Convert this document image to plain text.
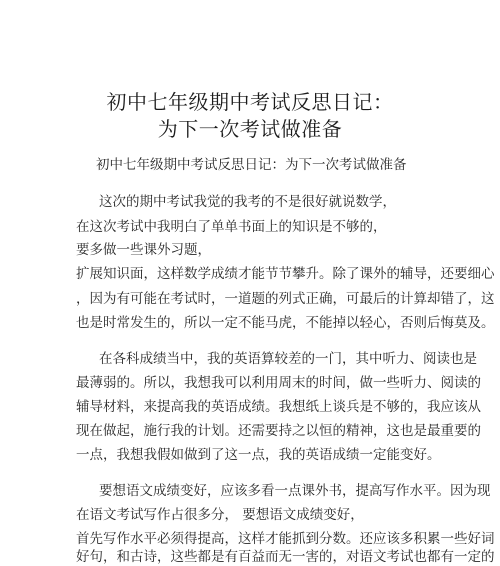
初中七年级期中考试反思日记：
为下一次考试做准备
初中七年级期中考试反思日记：为下一次考试做准备
这次的期中考试我觉的我考的不是很好就说数学，
在这次考试中我明白了单单书面上的知识是不够的，
要多做一些课外习题，
扩展知识面，这样数学成绩才能节节攀升。除了课外的辅导，还要细心
，因为有可能在考试时，一道题的列式正确，可最后的计算却错了，这
也是时常发生的，所以一定不能马虎，不能掉以轻心，否则后悔莫及。
在各科成绩当中，我的英语算较差的一门，其中听力、阅读也是
最薄弱的。所以，我想我可以利用周末的时间，做一些听力、阅读的
辅导材料，来提高我的英语成绩。我想纸上谈兵是不够的，我应该从
现在做起，施行我的计划。还需要持之以恒的精神，这也是最重要的
一点，我想我假如做到了这一点，我的英语成绩一定能变好。
要想语文成绩变好，应该多看一点课外书，提高写作水平。因为现
在语文考试写作占很多分， 要想语文成绩变好，
首先写作水平必须得提高，这样才能抓到分数。还应该多积累一些好词
好句，和古诗，这些都是有百益而无一害的，对语文考试也都有一定的
